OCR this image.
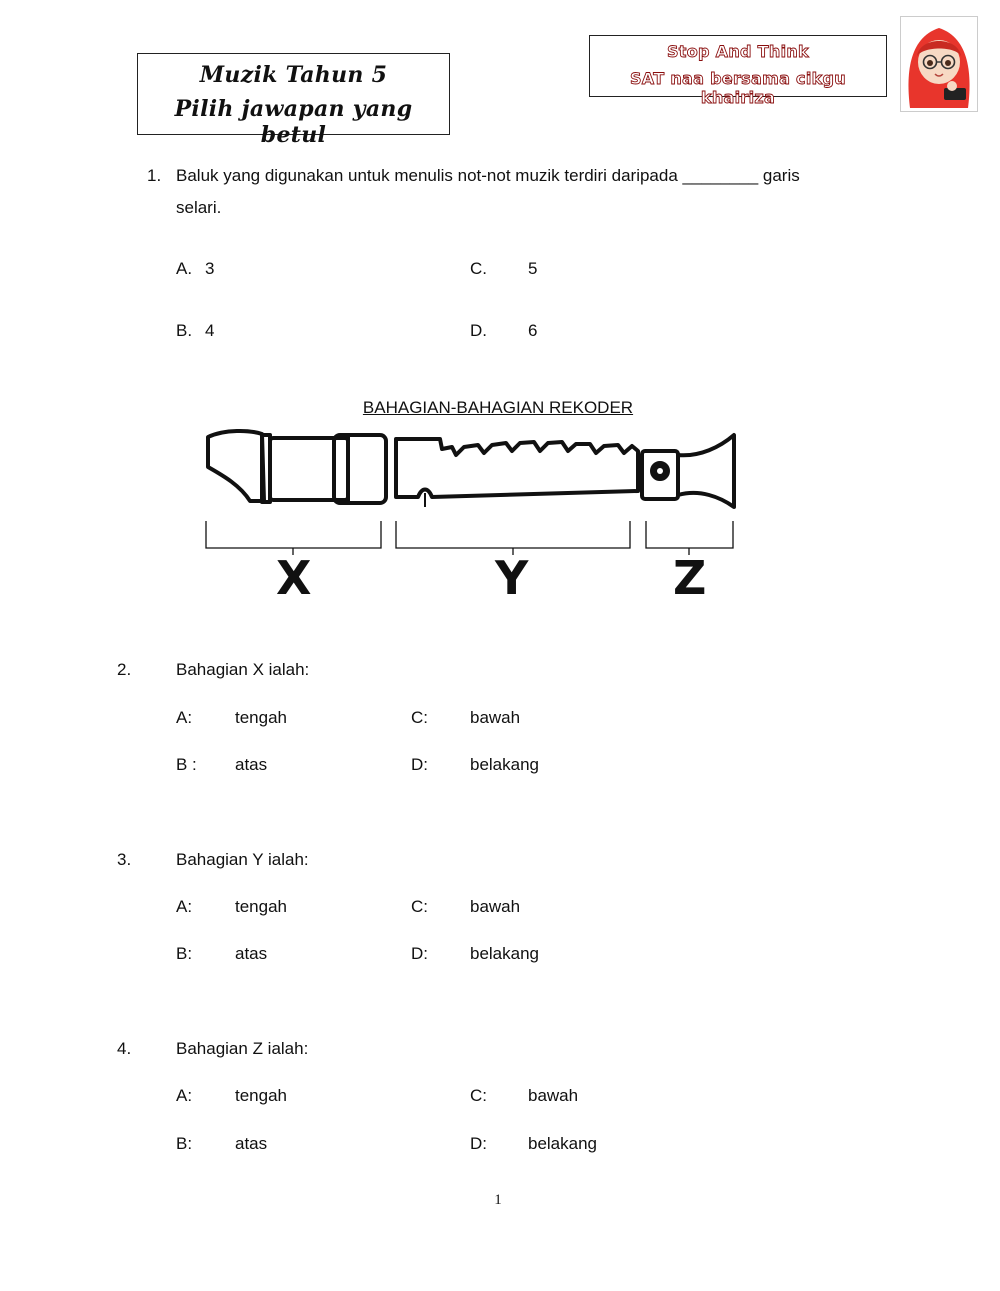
Muzik Tahun 5
Pilih jawapan yang betul
Stop And Think
SAT naa bersama cikgu khairiza
1. Baluk yang digunakan untuk menulis not-not muzik terdiri daripada ________ garis
selari.
A. 3	C. 5
B. 4	D. 6
BAHAGIAN-BAHAGIAN REKODER
X	Y	Z
2.	Bahagian X ialah:
A:	tengah	C: bawah
B : atas	D: belakang
3.	Bahagian Y ialah:
A:	tengah	C: bawah
B:	atas	D: belakang
4.	Bahagian Z ialah:
A:	tengah	C: bawah
B:	atas	D: belakang
1
